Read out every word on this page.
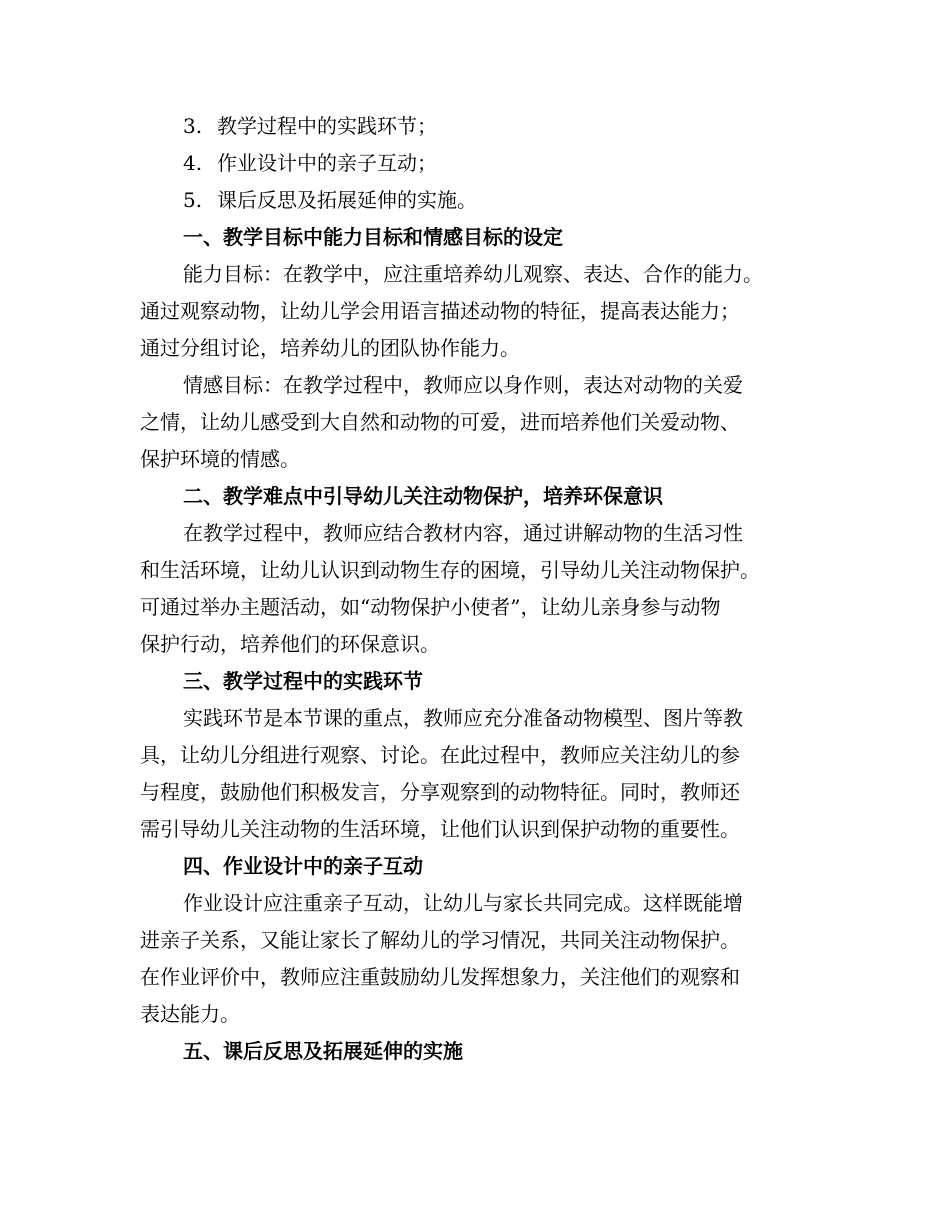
3. 教学过程中的实践环节；

4. 作业设计中的亲子互动；

5. 课后反思及拓展延伸的实施。

一、教学目标中能力目标和情感目标的设定

能力目标：在教学中，应注重培养幼儿观察、表达、合作的能力。
通过观察动物，让幼儿学会用语言描述动物的特征，提高表达能力；
通过分组讨论，培养幼儿的团队协作能力。

情感目标：在教学过程中，教师应以身作则，表达对动物的关爱
之情，让幼儿感受到大自然和动物的可爱，进而培养他们关爱动物、
保护环境的情感。

二、教学难点中引导幼儿关注动物保护，培养环保意识

在教学过程中，教师应结合教材内容，通过讲解动物的生活习性
和生活环境，让幼儿认识到动物生存的困境，引导幼儿关注动物保护。
可通过举办主题活动，如“动物保护小使者”，让幼儿亲身参与动物
保护行动，培养他们的环保意识。

三、教学过程中的实践环节

实践环节是本节课的重点，教师应充分准备动物模型、图片等教
具，让幼儿分组进行观察、讨论。在此过程中，教师应关注幼儿的参
与程度，鼓励他们积极发言，分享观察到的动物特征。同时，教师还
需引导幼儿关注动物的生活环境，让他们认识到保护动物的重要性。

四、作业设计中的亲子互动

作业设计应注重亲子互动，让幼儿与家长共同完成。这样既能增
进亲子关系，又能让家长了解幼儿的学习情况，共同关注动物保护。
在作业评价中，教师应注重鼓励幼儿发挥想象力，关注他们的观察和
表达能力。

五、课后反思及拓展延伸的实施
